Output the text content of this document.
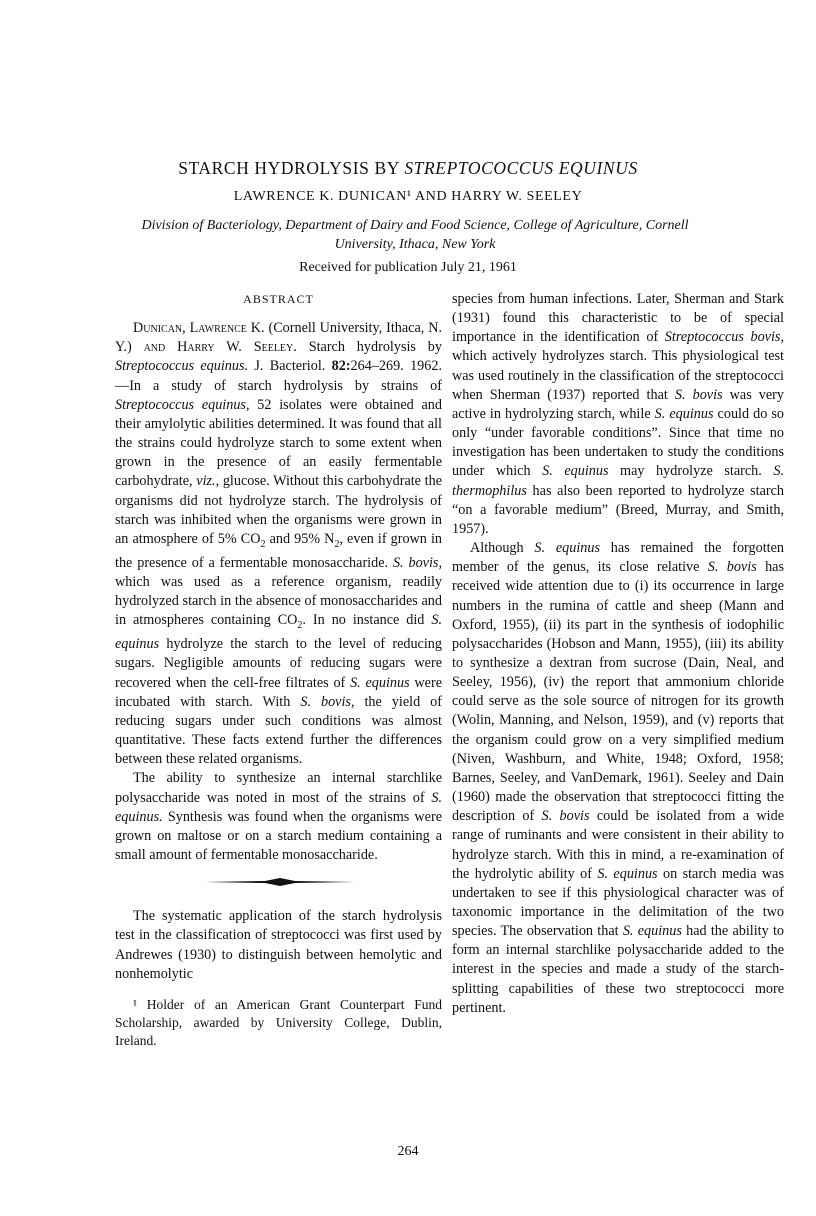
STARCH HYDROLYSIS BY STREPTOCOCCUS EQUINUS
LAWRENCE K. DUNICAN¹ AND HARRY W. SEELEY
Division of Bacteriology, Department of Dairy and Food Science, College of Agriculture, Cornell University, Ithaca, New York
Received for publication July 21, 1961
ABSTRACT

Dunican, Lawrence K. (Cornell University, Ithaca, N. Y.) and Harry W. Seeley. Starch hydrolysis by Streptococcus equinus. J. Bacteriol. 82:264–269. 1962.—In a study of starch hydrolysis by strains of Streptococcus equinus, 52 isolates were obtained and their amylolytic abilities determined. It was found that all the strains could hydrolyze starch to some extent when grown in the presence of an easily fermentable carbohydrate, viz., glucose. Without this carbohydrate the organisms did not hydrolyze starch. The hydrolysis of starch was inhibited when the organisms were grown in an atmosphere of 5% $CO_2$ and 95% $N_2$, even if grown in the presence of a fermentable monosaccharide. S. bovis, which was used as a reference organism, readily hydrolyzed starch in the absence of monosaccharides and in atmospheres containing $CO_2$. In no instance did S. equinus hydrolyze the starch to the level of reducing sugars. Negligible amounts of reducing sugars were recovered when the cell-free filtrates of S. equinus were incubated with starch. With S. bovis, the yield of reducing sugars under such conditions was almost quantitative. These facts extend further the differences between these related organisms.

The ability to synthesize an internal starchlike polysaccharide was noted in most of the strains of S. equinus. Synthesis was found when the organisms were grown on maltose or on a starch medium containing a small amount of fermentable monosaccharide.

The systematic application of the starch hydrolysis test in the classification of streptococci was first used by Andrewes (1930) to distinguish between hemolytic and nonhemolytic

¹ Holder of an American Grant Counterpart Fund Scholarship, awarded by University College, Dublin, Ireland.

species from human infections. Later, Sherman and Stark (1931) found this characteristic to be of special importance in the identification of Streptococcus bovis, which actively hydrolyzes starch. This physiological test was used routinely in the classification of the streptococci when Sherman (1937) reported that S. bovis was very active in hydrolyzing starch, while S. equinus could do so only “under favorable conditions”. Since that time no investigation has been undertaken to study the conditions under which S. equinus may hydrolyze starch. S. thermophilus has also been reported to hydrolyze starch “on a favorable medium” (Breed, Murray, and Smith, 1957).

Although S. equinus has remained the forgotten member of the genus, its close relative S. bovis has received wide attention due to (i) its occurrence in large numbers in the rumina of cattle and sheep (Mann and Oxford, 1955), (ii) its part in the synthesis of iodophilic polysaccharides (Hobson and Mann, 1955), (iii) its ability to synthesize a dextran from sucrose (Dain, Neal, and Seeley, 1956), (iv) the report that ammonium chloride could serve as the sole source of nitrogen for its growth (Wolin, Manning, and Nelson, 1959), and (v) reports that the organism could grow on a very simplified medium (Niven, Washburn, and White, 1948; Oxford, 1958; Barnes, Seeley, and VanDemark, 1961). Seeley and Dain (1960) made the observation that streptococci fitting the description of S. bovis could be isolated from a wide range of ruminants and were consistent in their ability to hydrolyze starch. With this in mind, a re-examination of the hydrolytic ability of S. equinus on starch media was undertaken to see if this physiological character was of taxonomic importance in the delimitation of the two species. The observation that S. equinus had the ability to form an internal starchlike polysaccharide added to the interest in the species and made a study of the starch-splitting capabilities of these two streptococci more pertinent.

264
